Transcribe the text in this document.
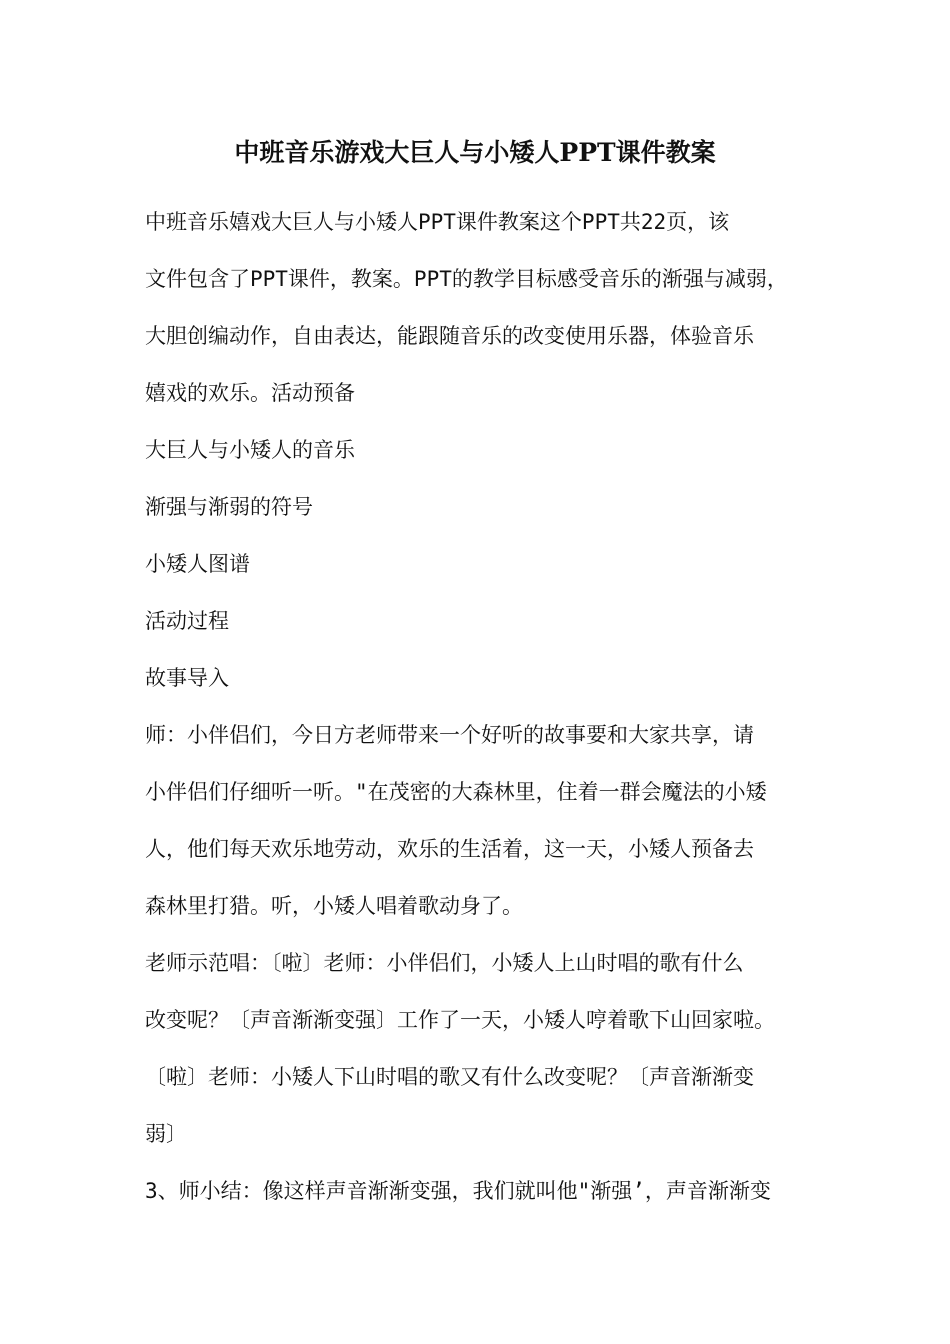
中班音乐游戏大巨人与小矮人PPT课件教案
中班音乐嬉戏大巨人与小矮人PPT课件教案这个PPT共22页，该
文件包含了PPT课件，教案。PPT的教学目标感受音乐的渐强与减弱，
大胆创编动作，自由表达，能跟随音乐的改变使用乐器，体验音乐
嬉戏的欢乐。活动预备
大巨人与小矮人的音乐
渐强与渐弱的符号
小矮人图谱
活动过程
故事导入
师：小伴侣们，今日方老师带来一个好听的故事要和大家共享，请
小伴侣们仔细听一听。"在茂密的大森林里，住着一群会魔法的小矮
人，他们每天欢乐地劳动，欢乐的生活着，这一天，小矮人预备去
森林里打猎。听，小矮人唱着歌动身了。
老师示范唱：〔啦〕老师：小伴侣们，小矮人上山时唱的歌有什么
改变呢？〔声音渐渐变强〕工作了一天，小矮人哼着歌下山回家啦。
〔啦〕老师：小矮人下山时唱的歌又有什么改变呢？〔声音渐渐变
弱〕
3、师小结：像这样声音渐渐变强，我们就叫他"渐强’，声音渐渐变
